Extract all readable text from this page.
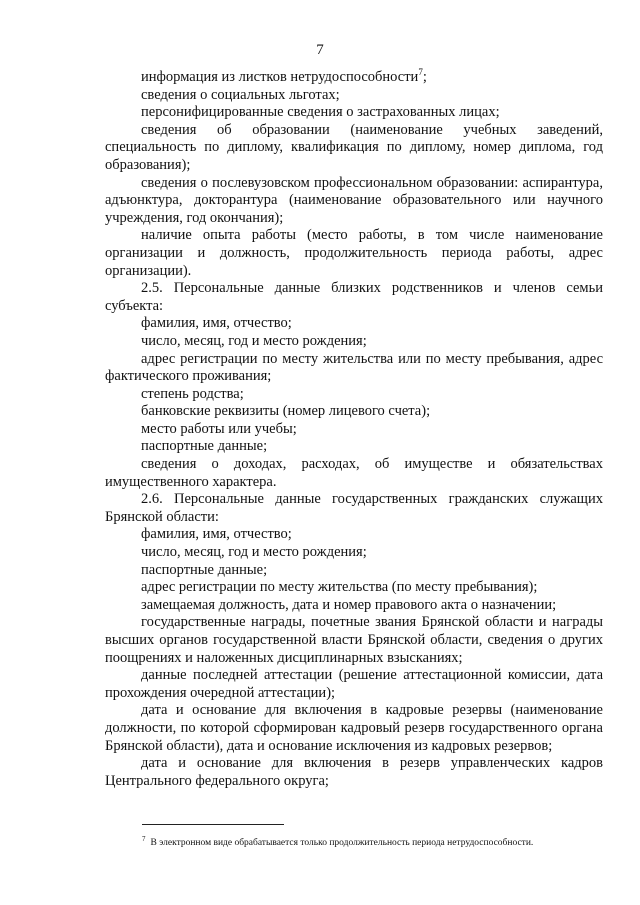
7

информация из листков нетрудоспособности$^7$;

сведения о социальных льготах;

персонифицированные сведения о застрахованных лицах;

сведения об образовании (наименование учебных заведений, специальность по диплому, квалификация по диплому, номер диплома, год образования);

сведения о послевузовском профессиональном образовании: аспирантура, адъюнктура, докторантура (наименование образовательного или научного учреждения, год окончания);

наличие опыта работы (место работы, в том числе наименование организации и должность, продолжительность периода работы, адрес организации).

2.5. Персональные данные близких родственников и членов семьи субъекта:

фамилия, имя, отчество;

число, месяц, год и место рождения;

адрес регистрации по месту жительства или по месту пребывания, адрес фактического проживания;

степень родства;

банковские реквизиты (номер лицевого счета);

место работы или учебы;

паспортные данные;

сведения о доходах, расходах, об имуществе и обязательствах имущественного характера.

2.6. Персональные данные государственных гражданских служащих Брянской области:

фамилия, имя, отчество;

число, месяц, год и место рождения;

паспортные данные;

адрес регистрации по месту жительства (по месту пребывания);

замещаемая должность, дата и номер правового акта о назначении;

государственные награды, почетные звания Брянской области и награды высших органов государственной власти Брянской области, сведения о других поощрениях и наложенных дисциплинарных взысканиях;

данные последней аттестации (решение аттестационной комиссии, дата прохождения очередной аттестации);

дата и основание для включения в кадровые резервы (наименование должности, по которой сформирован кадровый резерв государственного органа Брянской области), дата и основание исключения из кадровых резервов;

дата и основание для включения в резерв управленческих кадров Центрального федерального округа;

$^7$ В электронном виде обрабатывается только продолжительность периода нетрудоспособности.
